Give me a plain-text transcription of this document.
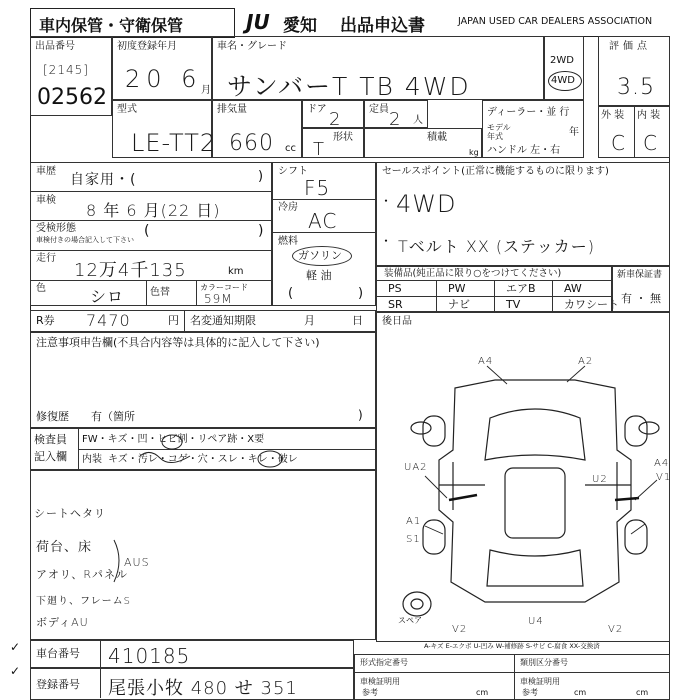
車内保管・守衛保管	JU 愛知 出品申込書	JAPAN USED CAR DEALERS ASSOCIATION
出品番号
[2145]
02562
初度登録年月
20 6
月
車名・グレード
サンバーT TB 4WD
2WD
4WD
評価点
3.5
型式
LE-TT2
排気量
660 cc
ドア 2	定員 2 人
形状
T
積載
kg
ディーラー・並 行
モデル
年式	年
ハンドル 左・右
外 装 内 装
C C
車歴
自家用・(	)
車検
8 年 6 月(22 日)
受検形態
車検付きの場合記入して下さい
(	)
走行
12万4千135	km
色	シロ	色替	カラーコード
59M
シフト
F5
冷房
AC
燃料
ガソリン
軽 油
(	)
セールスポイント(正常に機能するものに限ります)
・ 4WD
・ Tベルト XX (ステッカー)
装備品(純正品に限り○をつけてください)
PS	PW	エアB	AW
SR	ナビ	TV	カワシート
新車保証書
有 ・ 無
R券 7470	円 名変通知期限	月	日 後日品
注意事項申告欄(不具合内容等は具体的に記入して下さい)
修復歴　　有（箇所	)
検査員
記入欄
FW・キズ・凹・ヒビ割・リペア跡・X要
内装 キズ・汚レ・コゲ・穴・スレ・キレ・破レ
シートヘタリ
荷台、床
アオリ、Rパネル
AUS
下廻り、フレームS
ボディAU
A4	A2
UA2
A1
S1
U2
A4
V1
V2
U4
V2
スペア
A-キズ E-エクボ U-凹み W-補修跡 S-サビ C-腐食 XX-交換済
✓
✓
車台番号 410185
登録番号 尾張小牧 480 せ 351
形式指定番号	類別区分番号
車検証明用	車検証明用
参考	参考
cm	cm	cm
